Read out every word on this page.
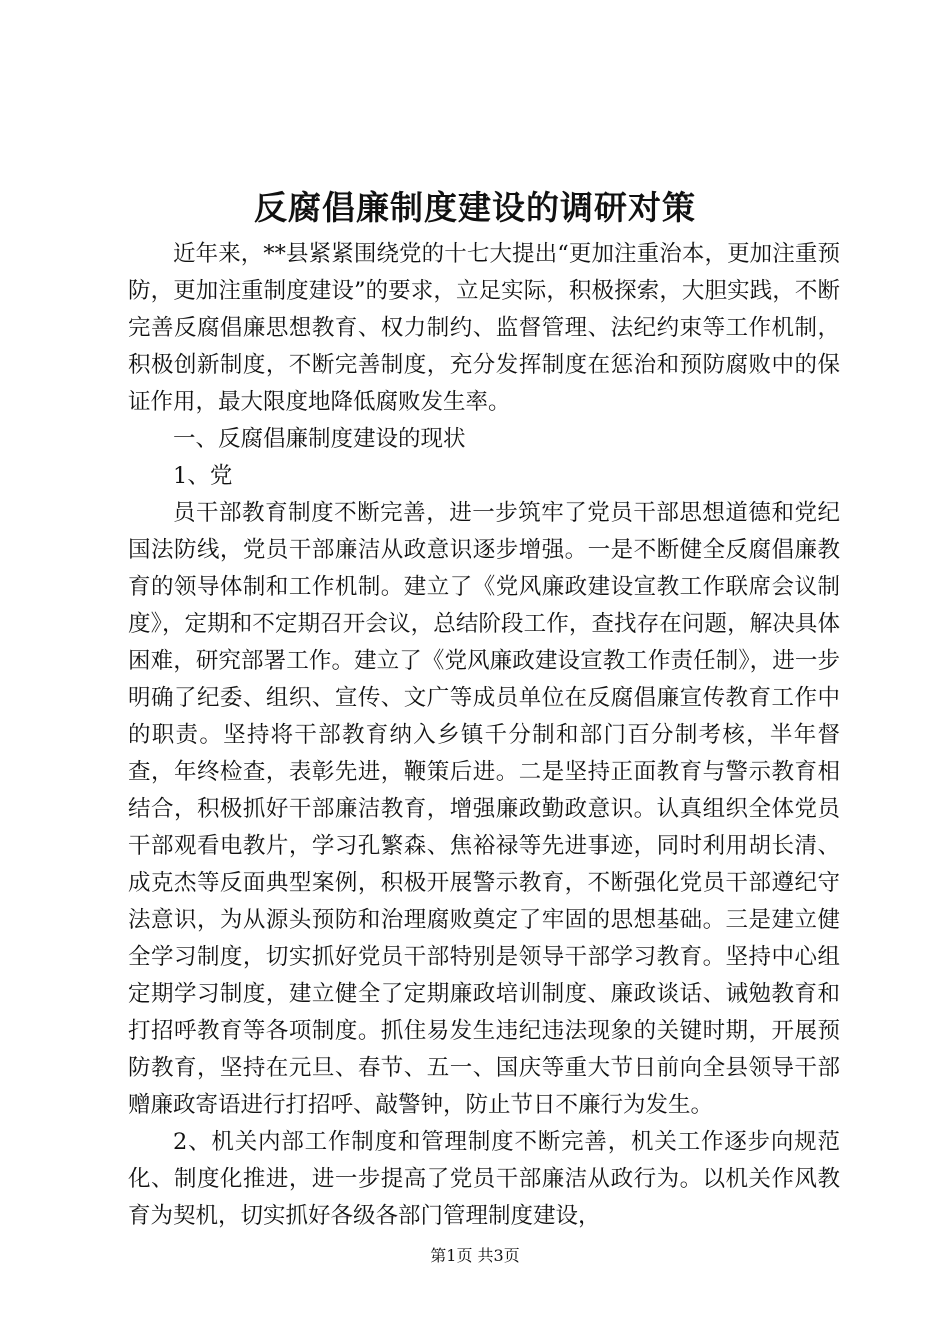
反腐倡廉制度建设的调研对策

近年来，**县紧紧围绕党的十七大提出“更加注重治本，更加注重预防，更加注重制度建设”的要求，立足实际，积极探索，大胆实践，不断完善反腐倡廉思想教育、权力制约、监督管理、法纪约束等工作机制，积极创新制度，不断完善制度，充分发挥制度在惩治和预防腐败中的保证作用，最大限度地降低腐败发生率。

一、反腐倡廉制度建设的现状

1、党

员干部教育制度不断完善，进一步筑牢了党员干部思想道德和党纪国法防线，党员干部廉洁从政意识逐步增强。一是不断健全反腐倡廉教育的领导体制和工作机制。建立了《党风廉政建设宣教工作联席会议制度》，定期和不定期召开会议，总结阶段工作，查找存在问题，解决具体困难，研究部署工作。建立了《党风廉政建设宣教工作责任制》，进一步明确了纪委、组织、宣传、文广等成员单位在反腐倡廉宣传教育工作中的职责。坚持将干部教育纳入乡镇千分制和部门百分制考核，半年督查，年终检查，表彰先进，鞭策后进。二是坚持正面教育与警示教育相结合，积极抓好干部廉洁教育，增强廉政勤政意识。认真组织全体党员干部观看电教片，学习孔繁森、焦裕禄等先进事迹，同时利用胡长清、成克杰等反面典型案例，积极开展警示教育，不断强化党员干部遵纪守法意识，为从源头预防和治理腐败奠定了牢固的思想基础。三是建立健全学习制度，切实抓好党员干部特别是领导干部学习教育。坚持中心组定期学习制度，建立健全了定期廉政培训制度、廉政谈话、诫勉教育和打招呼教育等各项制度。抓住易发生违纪违法现象的关键时期，开展预防教育，坚持在元旦、春节、五一、国庆等重大节日前向全县领导干部赠廉政寄语进行打招呼、敲警钟，防止节日不廉行为发生。

2、机关内部工作制度和管理制度不断完善，机关工作逐步向规范化、制度化推进，进一步提高了党员干部廉洁从政行为。以机关作风教育为契机，切实抓好各级各部门管理制度建设，

第1页 共3页
